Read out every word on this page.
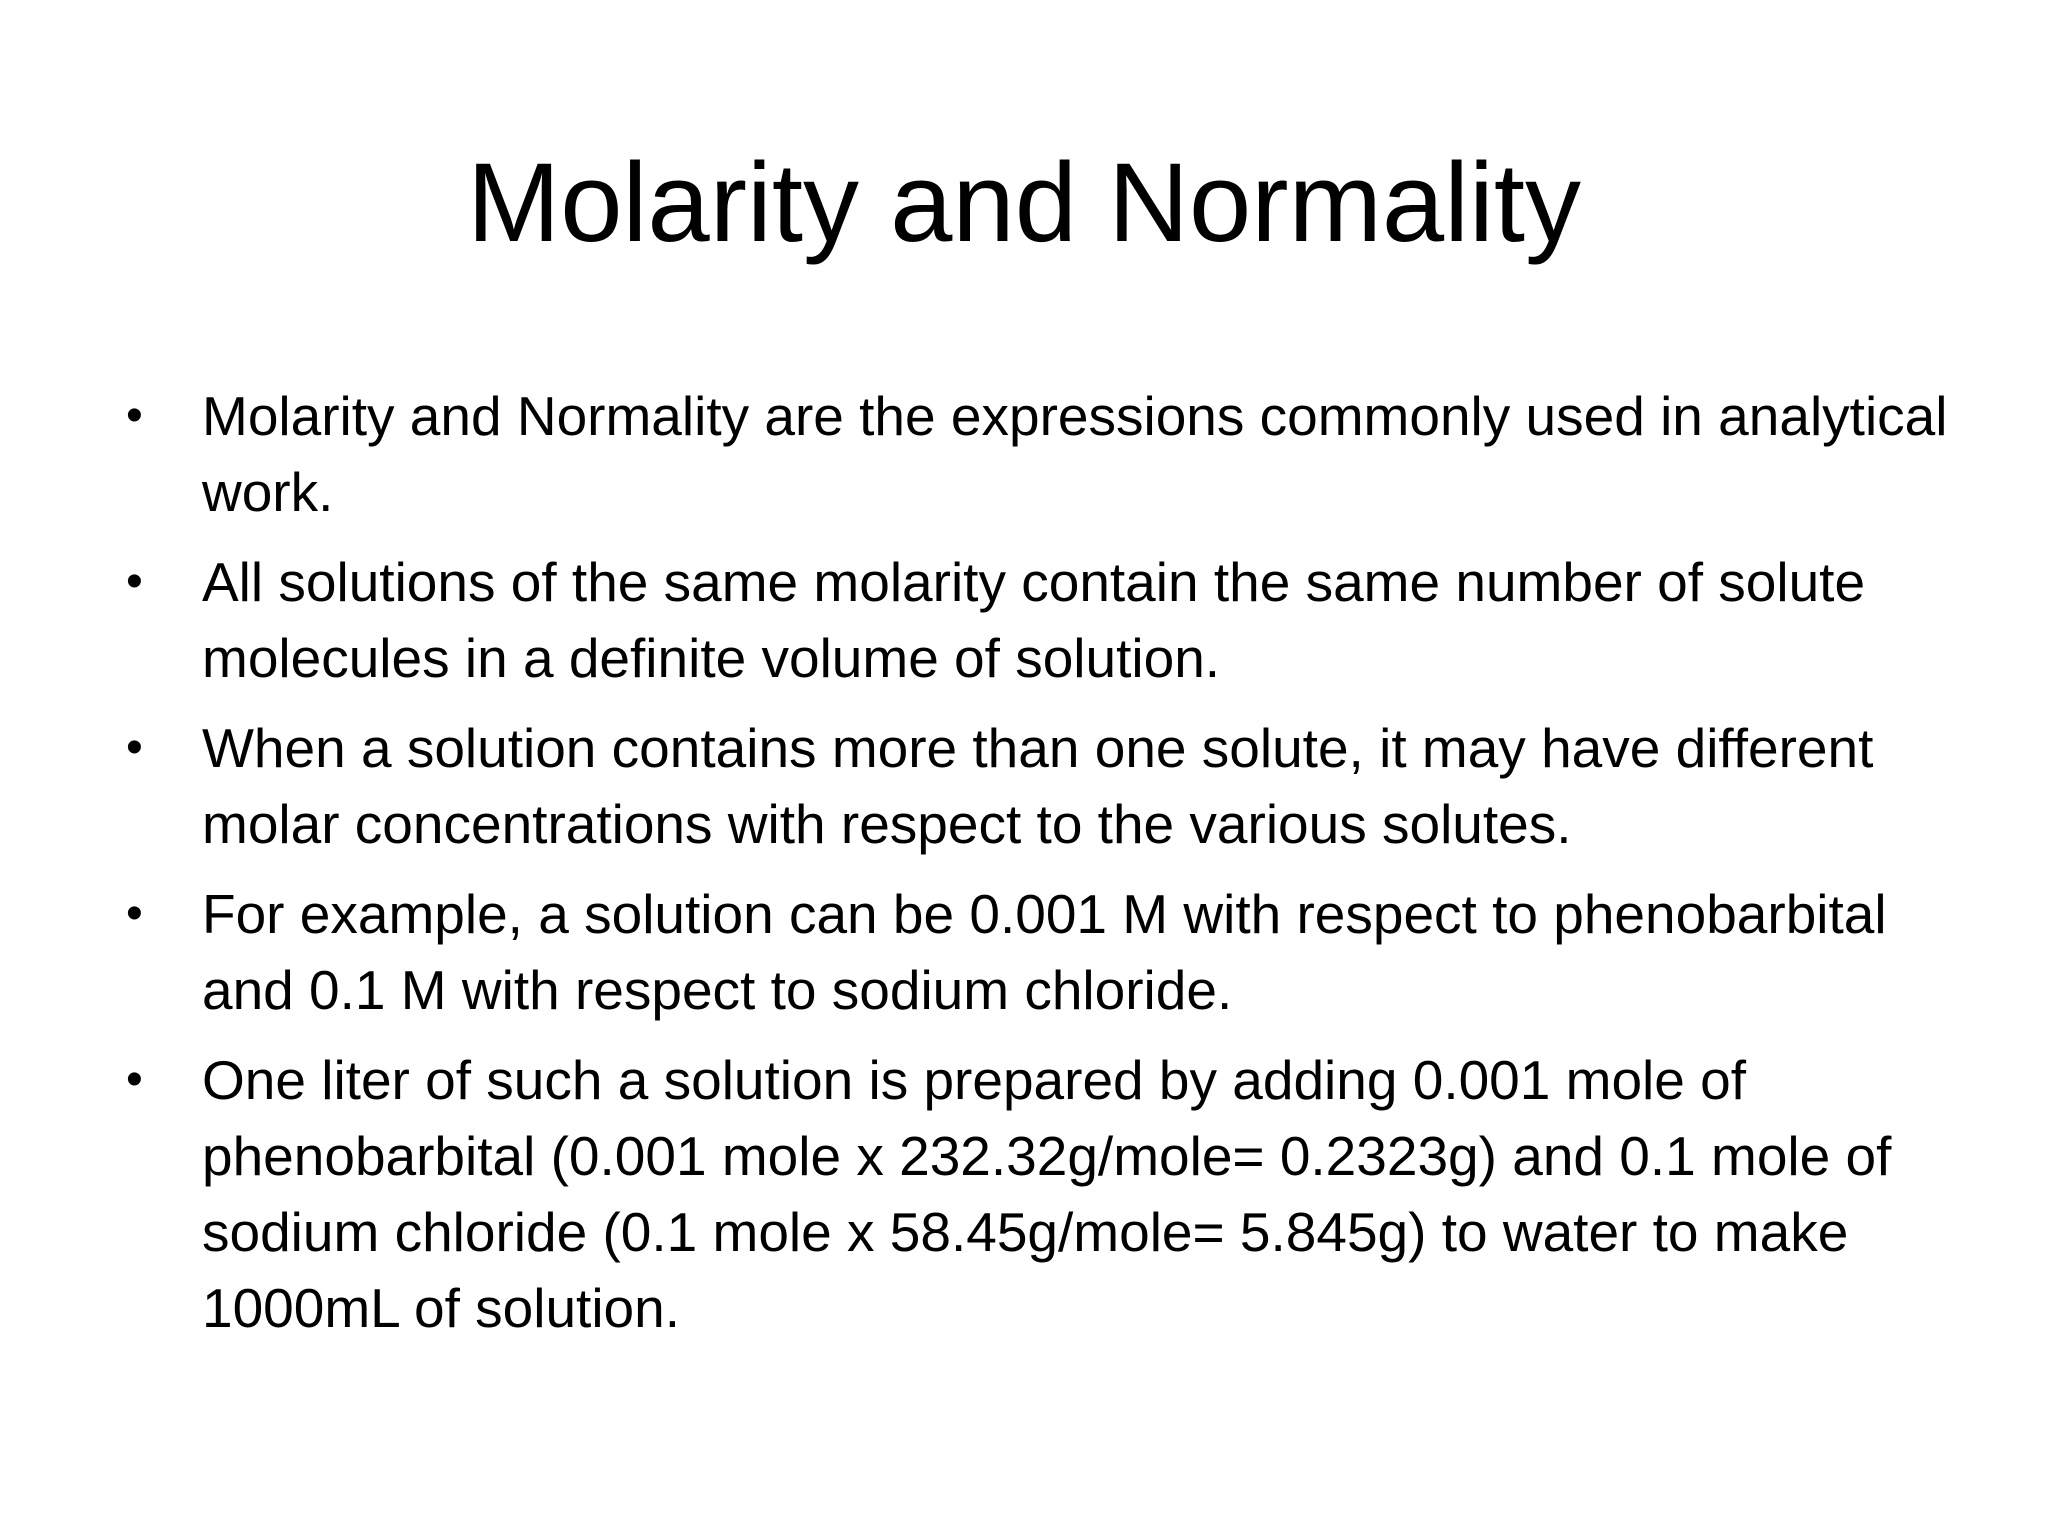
Molarity and Normality
• Molarity and Normality are the expressions commonly used in analytical work.
• All solutions of the same molarity contain the same number of solute molecules in a definite volume of solution.
• When a solution contains more than one solute, it may have different molar concentrations with respect to the various solutes.
• For example, a solution can be 0.001 M with respect to phenobarbital and 0.1 M with respect to sodium chloride.
• One liter of such a solution is prepared by adding 0.001 mole of phenobarbital (0.001 mole x 232.32g/mole= 0.2323g) and 0.1 mole of sodium chloride (0.1 mole x 58.45g/mole= 5.845g) to water to make 1000mL of solution.
